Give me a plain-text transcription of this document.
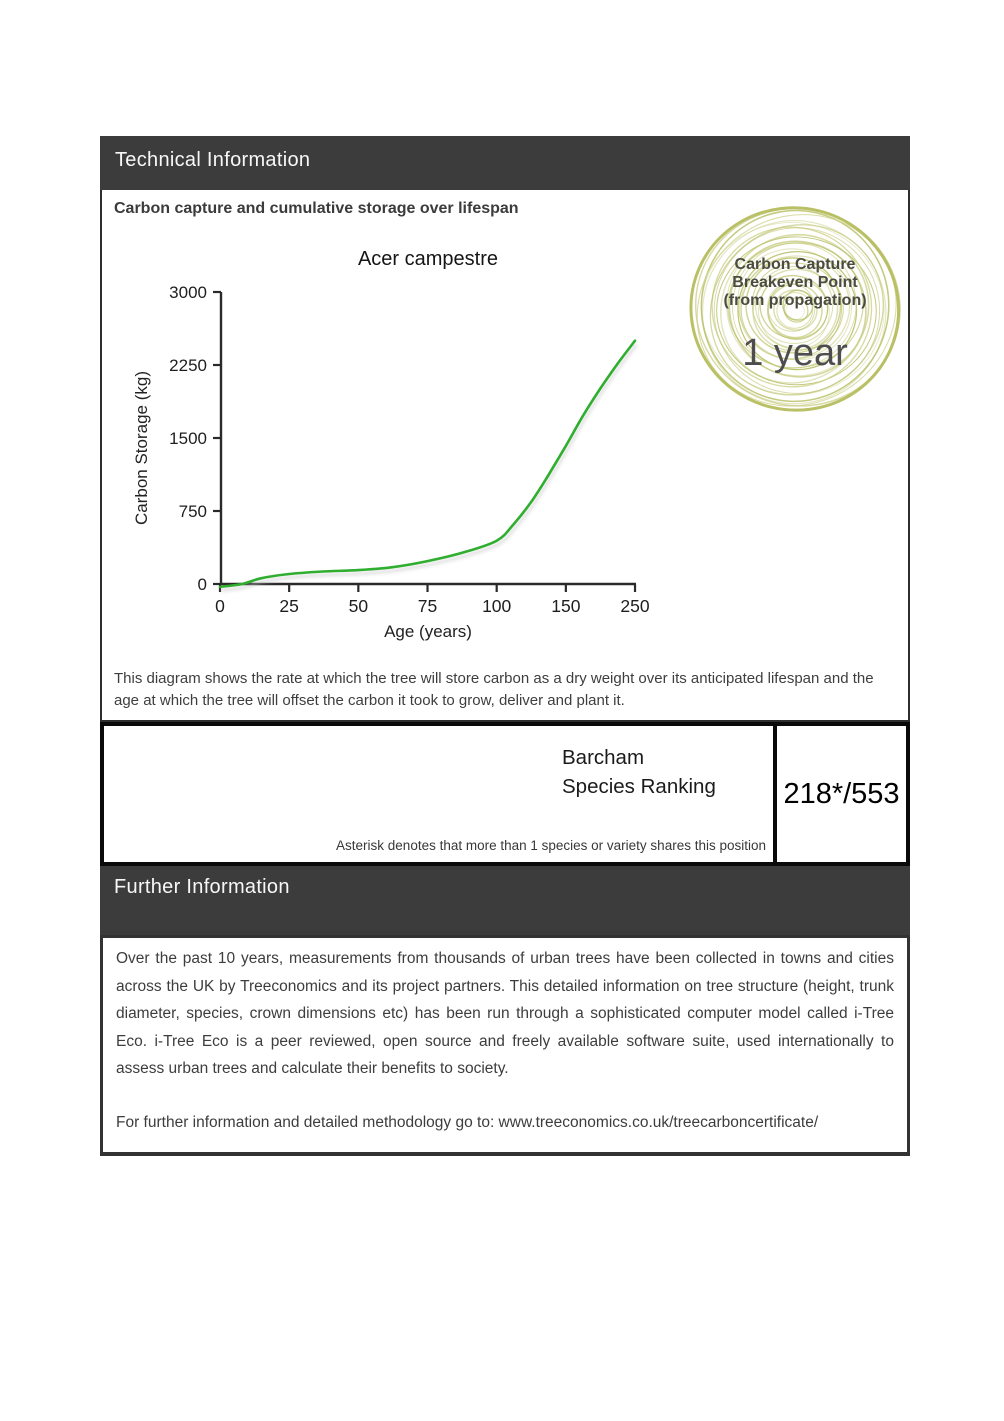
Technical Information
0
750
1500
2250
3000
0	25	50	75	100 150 250
Carbon capture and cumulative storage over lifespan
Acer campestre
Carbon Storage (kg)
Age (years)
Carbon Capture
Breakeven Point
(from propagation)
1 year
This diagram shows the rate at which the tree will store carbon as a dry weight over its anticipated lifespan and the age at which the tree will offset the carbon it took to grow, deliver and plant it.
Barcham
Species Ranking
Asterisk denotes that more than 1 species or variety shares this position
218*/553
Further Information

Over the past 10 years, measurements from thousands of urban trees have been collected in towns and cities across the UK by Treeconomics and its project partners. This detailed information on tree structure (height, trunk diameter, species, crown dimensions etc) has been run through a sophisticated computer model called i-Tree Eco. i-Tree Eco is a peer reviewed, open source and freely available software suite, used internationally to assess urban trees and calculate their benefits to society.

For further information and detailed methodology go to: www.treeconomics.co.uk/treecarboncertificate/
